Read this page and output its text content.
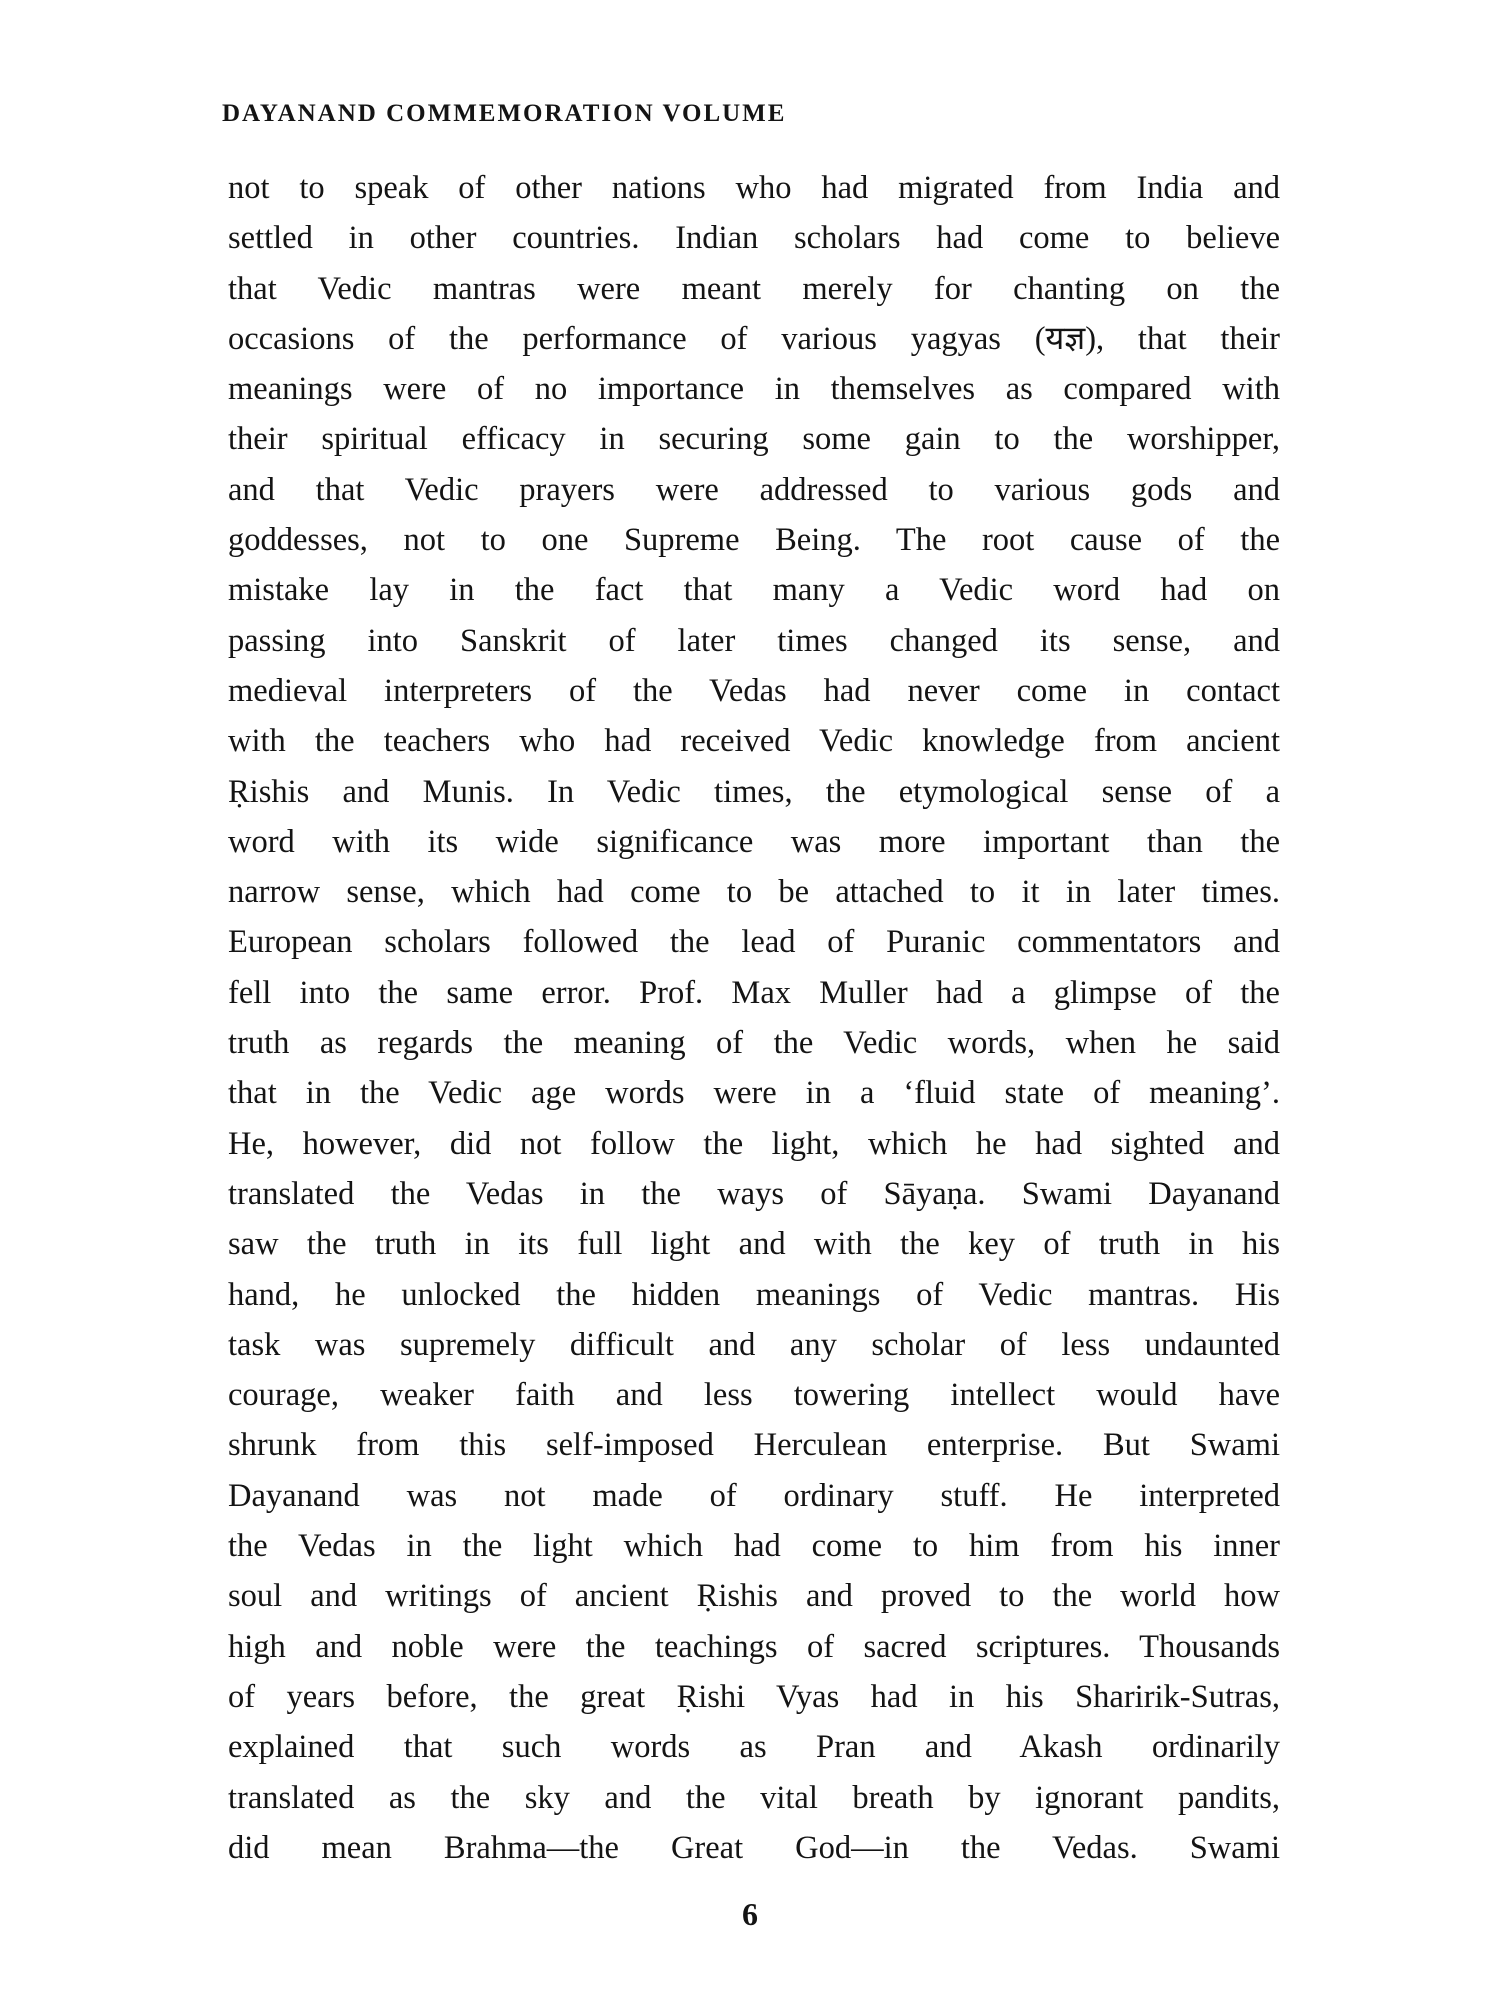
DAYANAND COMMEMORATION VOLUME
not to speak of other nations who had migrated from India and
settled in other countries. Indian scholars had come to believe
that Vedic mantras were meant merely for chanting on the
occasions of the performance of various yagyas (यज्ञ), that their
meanings were of no importance in themselves as compared with
their spiritual efficacy in securing some gain to the worshipper,
and that Vedic prayers were addressed to various gods and
goddesses, not to one Supreme Being. The root cause of the
mistake lay in the fact that many a Vedic word had on
passing into Sanskrit of later times changed its sense, and
medieval interpreters of the Vedas had never come in contact
with the teachers who had received Vedic knowledge from ancient
Ṛishis and Munis. In Vedic times, the etymological sense of a
word with its wide significance was more important than the
narrow sense, which had come to be attached to it in later times.
European scholars followed the lead of Puranic commentators and
fell into the same error. Prof. Max Muller had a glimpse of the
truth as regards the meaning of the Vedic words, when he said
that in the Vedic age words were in a ‘fluid state of meaning’.
He, however, did not follow the light, which he had sighted and
translated the Vedas in the ways of Sāyaṇa. Swami Dayanand
saw the truth in its full light and with the key of truth in his
hand, he unlocked the hidden meanings of Vedic mantras. His
task was supremely difficult and any scholar of less undaunted
courage, weaker faith and less towering intellect would have
shrunk from this self-imposed Herculean enterprise. But Swami
Dayanand was not made of ordinary stuff. He interpreted
the Vedas in the light which had come to him from his inner
soul and writings of ancient Ṛishis and proved to the world how
high and noble were the teachings of sacred scriptures. Thousands
of years before, the great Ṛishi Vyas had in his Sharirik-Sutras,
explained that such words as Pran and Akash ordinarily
translated as the sky and the vital breath by ignorant pandits,
did mean Brahma—the Great God—in the Vedas. Swami
6
